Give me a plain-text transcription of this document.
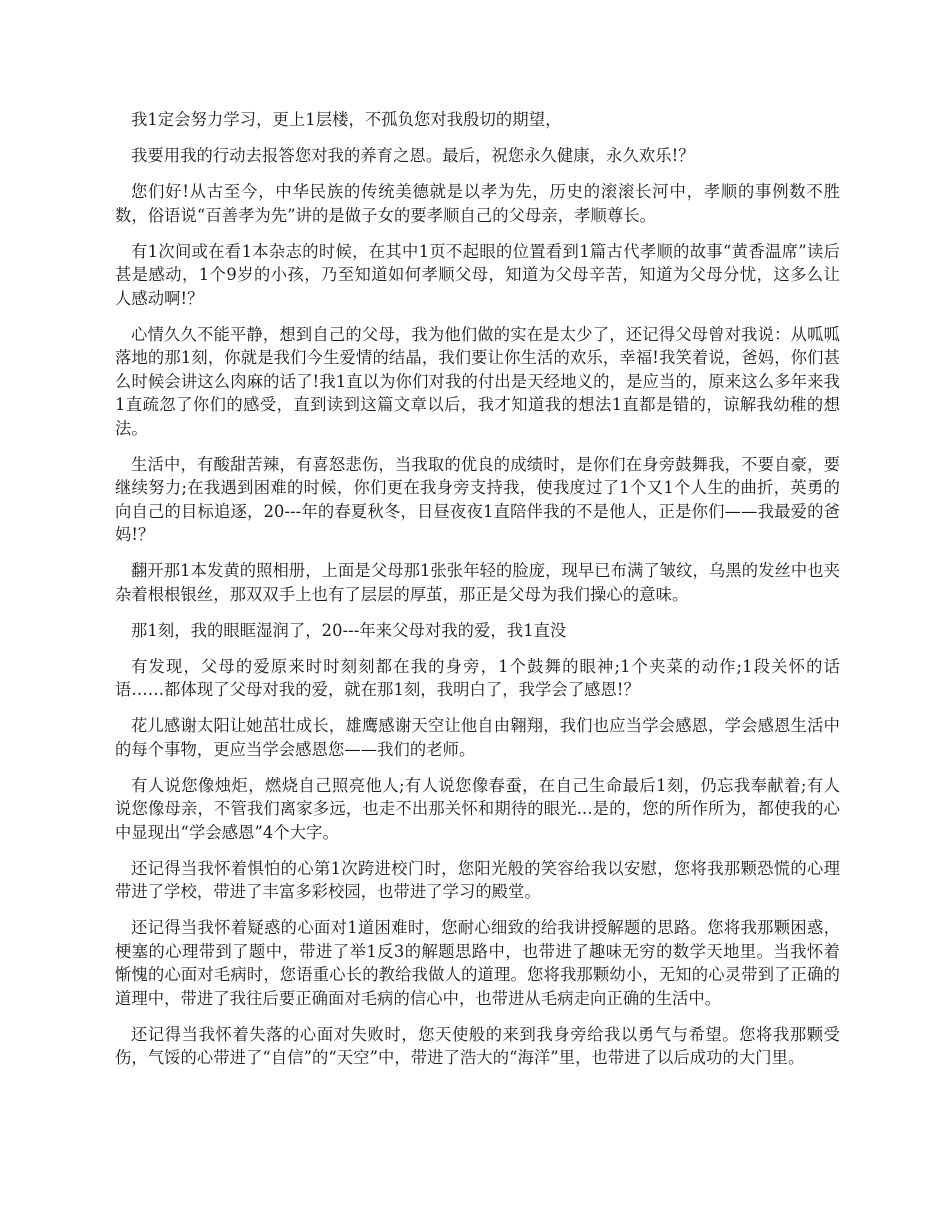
我1定会努力学习，更上1层楼，不孤负您对我殷切的期望，

我要用我的行动去报答您对我的养育之恩。最后，祝您永久健康，永久欢乐!？

您们好!从古至今，中华民族的传统美德就是以孝为先，历史的滚滚长河中，孝顺的事例数不胜数，俗语说“百善孝为先”讲的是做子女的要孝顺自己的父母亲，孝顺尊长。

有1次间或在看1本杂志的时候，在其中1页不起眼的位置看到1篇古代孝顺的故事“黄香温席”读后甚是感动，1个9岁的小孩，乃至知道如何孝顺父母，知道为父母辛苦，知道为父母分忧，这多么让人感动啊!？

心情久久不能平静，想到自己的父母，我为他们做的实在是太少了，还记得父母曾对我说：从呱呱落地的那1刻，你就是我们今生爱情的结晶，我们要让你生活的欢乐，幸福!我笑着说，爸妈，你们甚么时候会讲这么肉麻的话了!我1直以为你们对我的付出是天经地义的，是应当的，原来这么多年来我1直疏忽了你们的感受，直到读到这篇文章以后，我才知道我的想法1直都是错的，谅解我幼稚的想法。

生活中，有酸甜苦辣，有喜怒悲伤，当我取的优良的成绩时，是你们在身旁鼓舞我，不要自豪，要继续努力;在我遇到困难的时候，你们更在我身旁支持我，使我度过了1个又1个人生的曲折，英勇的向自己的目标追逐，20---年的春夏秋冬，日昼夜夜1直陪伴我的不是他人，正是你们——我最爱的爸妈!？

翻开那1本发黄的照相册，上面是父母那1张张年轻的脸庞，现早已布满了皱纹，乌黑的发丝中也夹杂着根根银丝，那双双手上也有了层层的厚茧，那正是父母为我们操心的意味。

那1刻，我的眼眶湿润了，20---年来父母对我的爱，我1直没

有发现，父母的爱原来时时刻刻都在我的身旁，1个鼓舞的眼神;1个夹菜的动作;1段关怀的话语……都体现了父母对我的爱，就在那1刻，我明白了，我学会了感恩!？

花儿感谢太阳让她茁壮成长，雄鹰感谢天空让他自由翱翔，我们也应当学会感恩，学会感恩生活中的每个事物，更应当学会感恩您——我们的老师。

有人说您像烛炬，燃烧自己照亮他人;有人说您像春蚕，在自己生命最后1刻，仍忘我奉献着;有人说您像母亲，不管我们离家多远，也走不出那关怀和期待的眼光...是的，您的所作所为，都使我的心中显现出“学会感恩”4个大字。

还记得当我怀着惧怕的心第1次跨进校门时，您阳光般的笑容给我以安慰，您将我那颗恐慌的心理带进了学校，带进了丰富多彩校园，也带进了学习的殿堂。

还记得当我怀着疑惑的心面对1道困难时，您耐心细致的给我讲授解题的思路。您将我那颗困惑，梗塞的心理带到了题中，带进了举1反3的解题思路中，也带进了趣味无穷的数学天地里。当我怀着惭愧的心面对毛病时，您语重心长的教给我做人的道理。您将我那颗幼小，无知的心灵带到了正确的道理中，带进了我往后要正确面对毛病的信心中，也带进从毛病走向正确的生活中。

还记得当我怀着失落的心面对失败时，您天使般的来到我身旁给我以勇气与希望。您将我那颗受伤，气馁的心带进了“自信”的“天空”中，带进了浩大的“海洋”里，也带进了以后成功的大门里。
